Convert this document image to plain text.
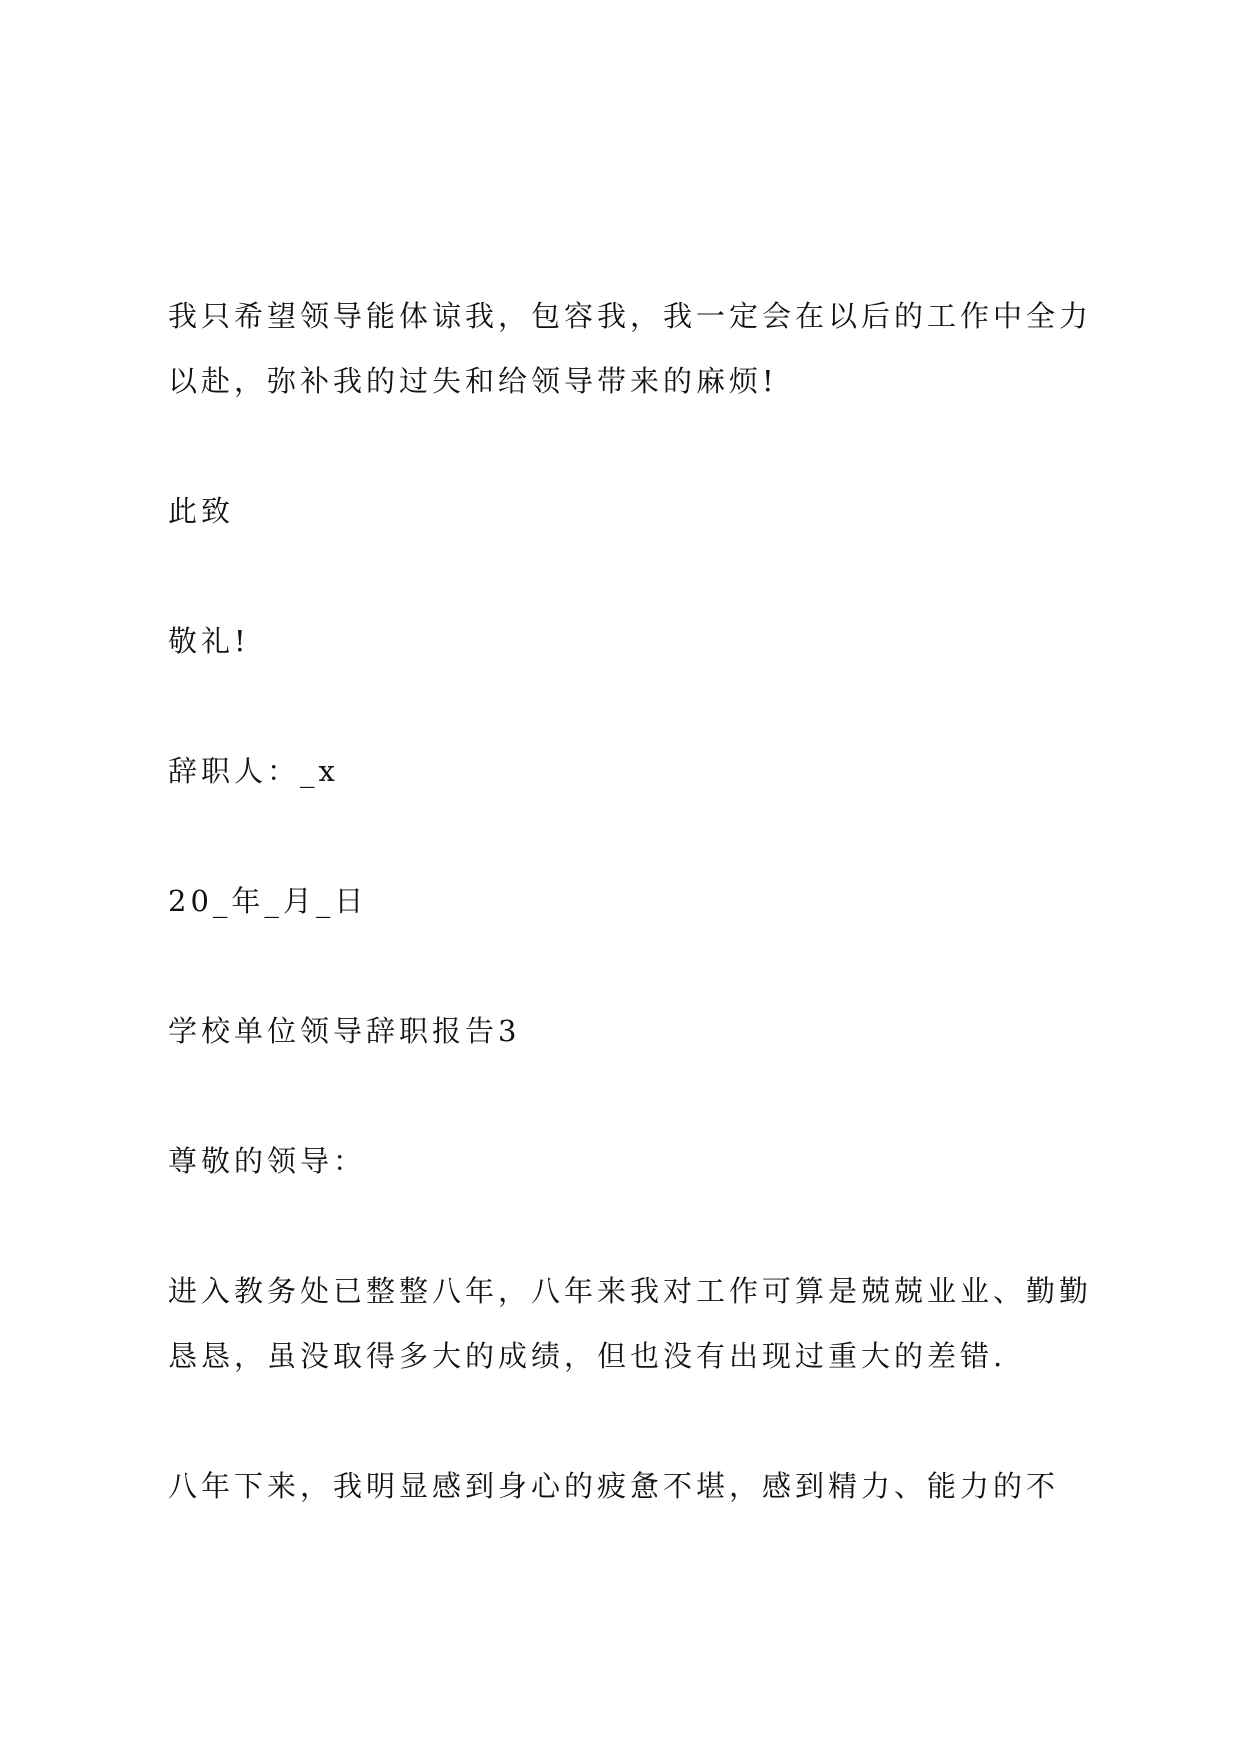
我只希望领导能体谅我，包容我，我一定会在以后的工作中全力
以赴，弥补我的过失和给领导带来的麻烦!

此致

敬礼!

辞职人：_x

20_年_月_日

学校单位领导辞职报告3

尊敬的领导：

进入教务处已整整八年，八年来我对工作可算是兢兢业业、勤勤
恳恳，虽没取得多大的成绩，但也没有出现过重大的差错.

八年下来，我明显感到身心的疲惫不堪，感到精力、能力的不
